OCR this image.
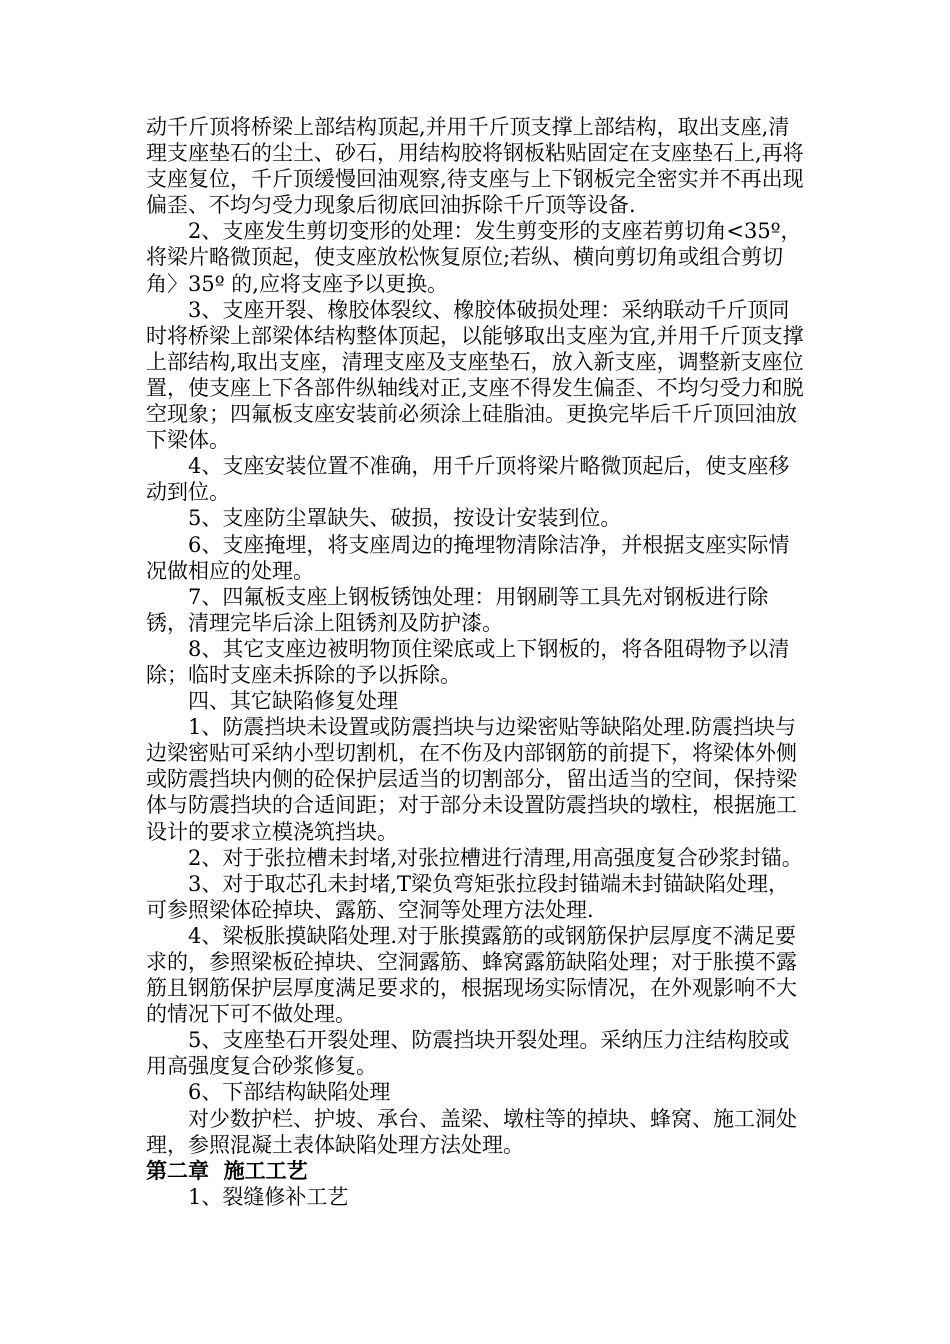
动千斤顶将桥梁上部结构顶起,并用千斤顶支撑上部结构，取出支座,清理支座垫石的尘土、砂石，用结构胶将钢板粘贴固定在支座垫石上,再将支座复位，千斤顶缓慢回油观察,待支座与上下钢板完全密实并不再出现偏歪、不均匀受力现象后彻底回油拆除千斤顶等设备.

2、支座发生剪切变形的处理：发生剪变形的支座若剪切角<35º，将梁片略微顶起，使支座放松恢复原位;若纵、横向剪切角或组合剪切角〉35º 的,应将支座予以更换。

3、支座开裂、橡胶体裂纹、橡胶体破损处理：采纳联动千斤顶同时将桥梁上部梁体结构整体顶起，以能够取出支座为宜,并用千斤顶支撑上部结构,取出支座，清理支座及支座垫石，放入新支座，调整新支座位置，使支座上下各部件纵轴线对正,支座不得发生偏歪、不均匀受力和脱空现象；四氟板支座安装前必须涂上硅脂油。更换完毕后千斤顶回油放下梁体。

4、支座安装位置不准确，用千斤顶将梁片略微顶起后，使支座移动到位。

5、支座防尘罩缺失、破损，按设计安装到位。

6、支座掩埋，将支座周边的掩埋物清除洁净，并根据支座实际情况做相应的处理。

7、四氟板支座上钢板锈蚀处理：用钢刷等工具先对钢板进行除锈，清理完毕后涂上阻锈剂及防护漆。

8、其它支座边被明物顶住梁底或上下钢板的，将各阻碍物予以清除；临时支座未拆除的予以拆除。

四、其它缺陷修复处理

1、防震挡块未设置或防震挡块与边梁密贴等缺陷处理.防震挡块与边梁密贴可采纳小型切割机，在不伤及内部钢筋的前提下，将梁体外侧或防震挡块内侧的砼保护层适当的切割部分，留出适当的空间，保持梁体与防震挡块的合适间距；对于部分未设置防震挡块的墩柱，根据施工设计的要求立模浇筑挡块。

2、对于张拉槽未封堵,对张拉槽进行清理,用高强度复合砂浆封锚。

3、对于取芯孔未封堵,T梁负弯矩张拉段封锚端未封锚缺陷处理，可参照梁体砼掉块、露筋、空洞等处理方法处理.

4、梁板胀摸缺陷处理.对于胀摸露筋的或钢筋保护层厚度不满足要求的，参照梁板砼掉块、空洞露筋、蜂窝露筋缺陷处理；对于胀摸不露筋且钢筋保护层厚度满足要求的，根据现场实际情况，在外观影响不大的情况下可不做处理。

5、支座垫石开裂处理、防震挡块开裂处理。采纳压力注结构胶或用高强度复合砂浆修复。

6、下部结构缺陷处理

对少数护栏、护坡、承台、盖梁、墩柱等的掉块、蜂窝、施工洞处理，参照混凝土表体缺陷处理方法处理。

第二章  施工工艺

1、裂缝修补工艺
